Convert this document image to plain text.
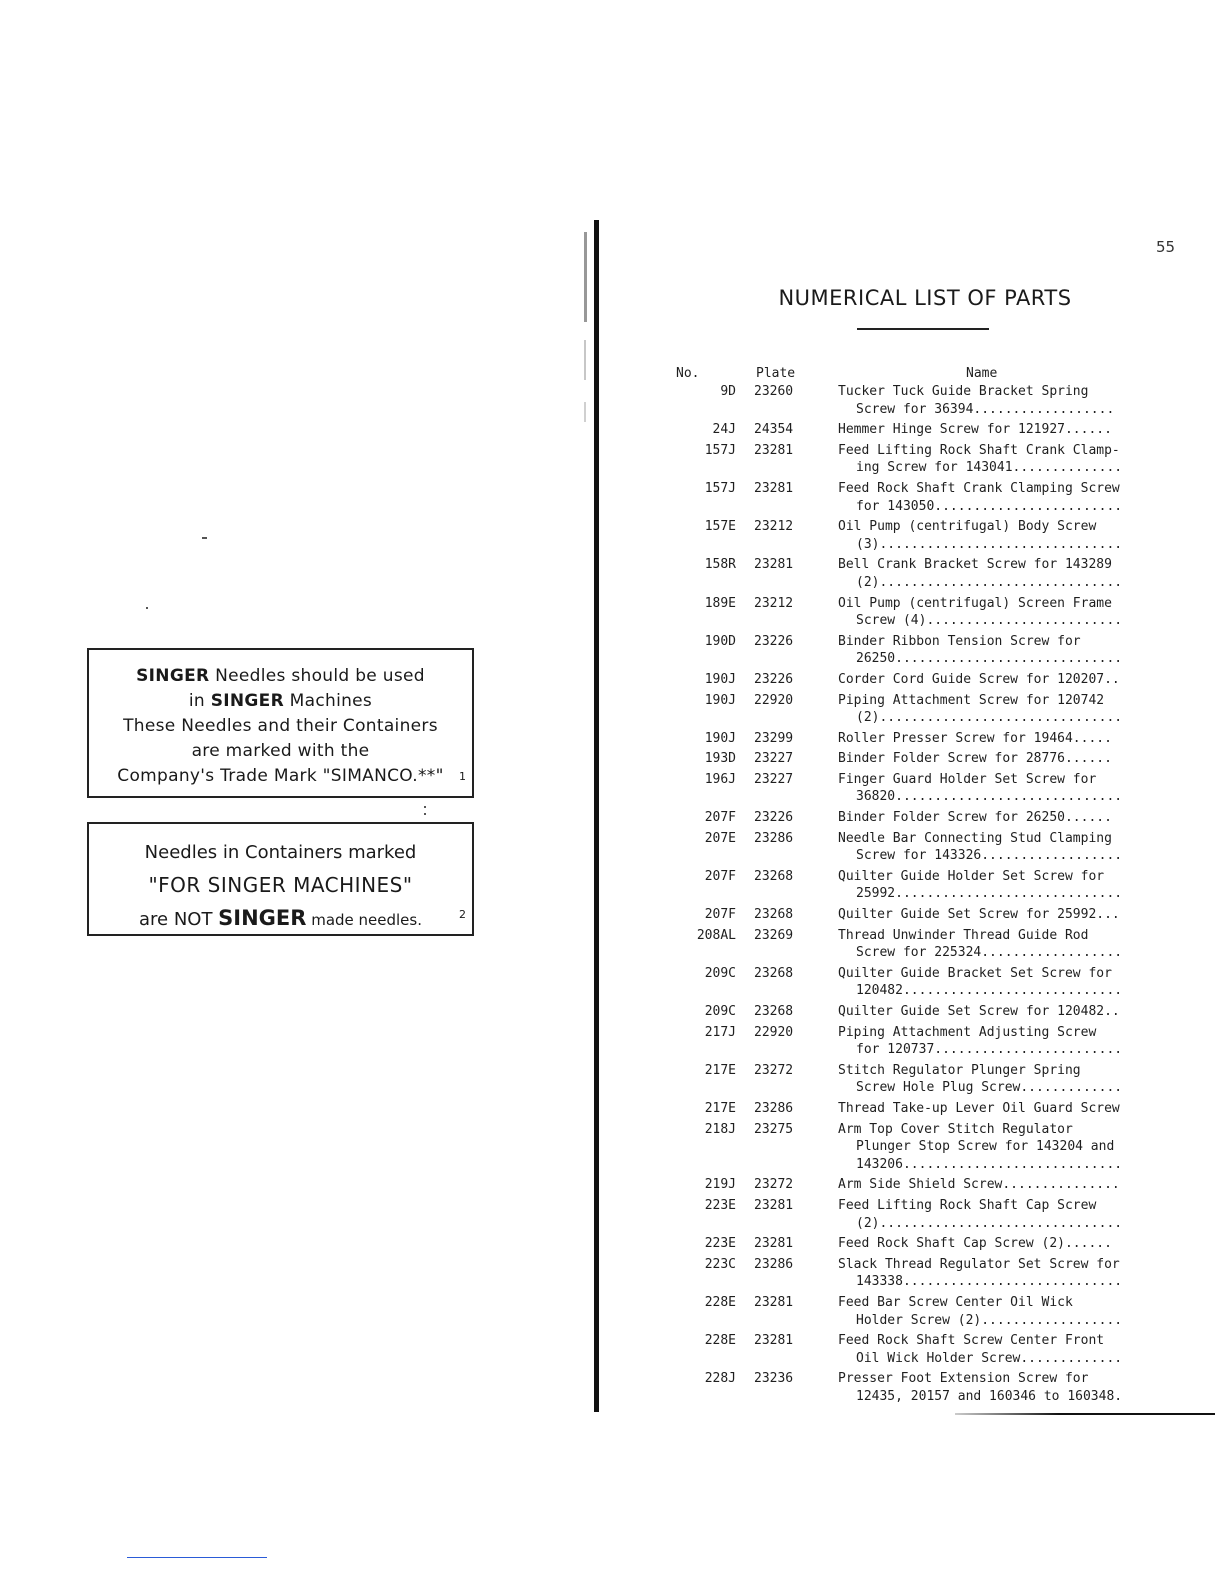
SINGER Needles should be used
in SINGER Machines
These Needles and their Containers
are marked with the
Company's Trade Mark "SIMANCO.**"	1
Needles in Containers marked
"FOR SINGER MACHINES"
are NOT SINGER made needles.	2
55
NUMERICAL LIST OF PARTS
No.	Plate	Name
9D 23260	Tucker Tuck Guide Bracket Spring
Screw for 36394..................
24J 24354	Hemmer Hinge Screw for 121927......
157J 23281	Feed Lifting Rock Shaft Crank Clamp-
ing Screw for 143041..............
157J 23281	Feed Rock Shaft Crank Clamping Screw
for 143050........................
157E 23212	Oil Pump (centrifugal) Body Screw
(3)...............................
158R 23281	Bell Crank Bracket Screw for 143289
(2)...............................
189E 23212	Oil Pump (centrifugal) Screen Frame
Screw (4).........................
190D 23226	Binder Ribbon Tension Screw for
26250.............................
190J 23226	Corder Cord Guide Screw for 120207..
190J 22920	Piping Attachment Screw for 120742
(2)...............................
190J 23299	Roller Presser Screw for 19464.....
193D 23227	Binder Folder Screw for 28776......
196J 23227	Finger Guard Holder Set Screw for
36820.............................
207F 23226	Binder Folder Screw for 26250......
207E 23286	Needle Bar Connecting Stud Clamping
Screw for 143326..................
207F 23268	Quilter Guide Holder Set Screw for
25992.............................
207F 23268	Quilter Guide Set Screw for 25992...
208AL 23269	Thread Unwinder Thread Guide Rod
Screw for 225324..................
209C 23268	Quilter Guide Bracket Set Screw for
120482............................
209C 23268	Quilter Guide Set Screw for 120482..
217J 22920	Piping Attachment Adjusting Screw
for 120737........................
217E 23272	Stitch Regulator Plunger Spring
Screw Hole Plug Screw.............
217E 23286	Thread Take-up Lever Oil Guard Screw
218J 23275	Arm Top Cover Stitch Regulator
Plunger Stop Screw for 143204 and
143206............................
219J 23272	Arm Side Shield Screw...............
223E 23281	Feed Lifting Rock Shaft Cap Screw
(2)...............................
223E 23281	Feed Rock Shaft Cap Screw (2)......
223C 23286	Slack Thread Regulator Set Screw for
143338............................
228E 23281	Feed Bar Screw Center Oil Wick
Holder Screw (2)..................
228E 23281	Feed Rock Shaft Screw Center Front
Oil Wick Holder Screw.............
228J 23236	Presser Foot Extension Screw for
12435, 20157 and 160346 to 160348.
